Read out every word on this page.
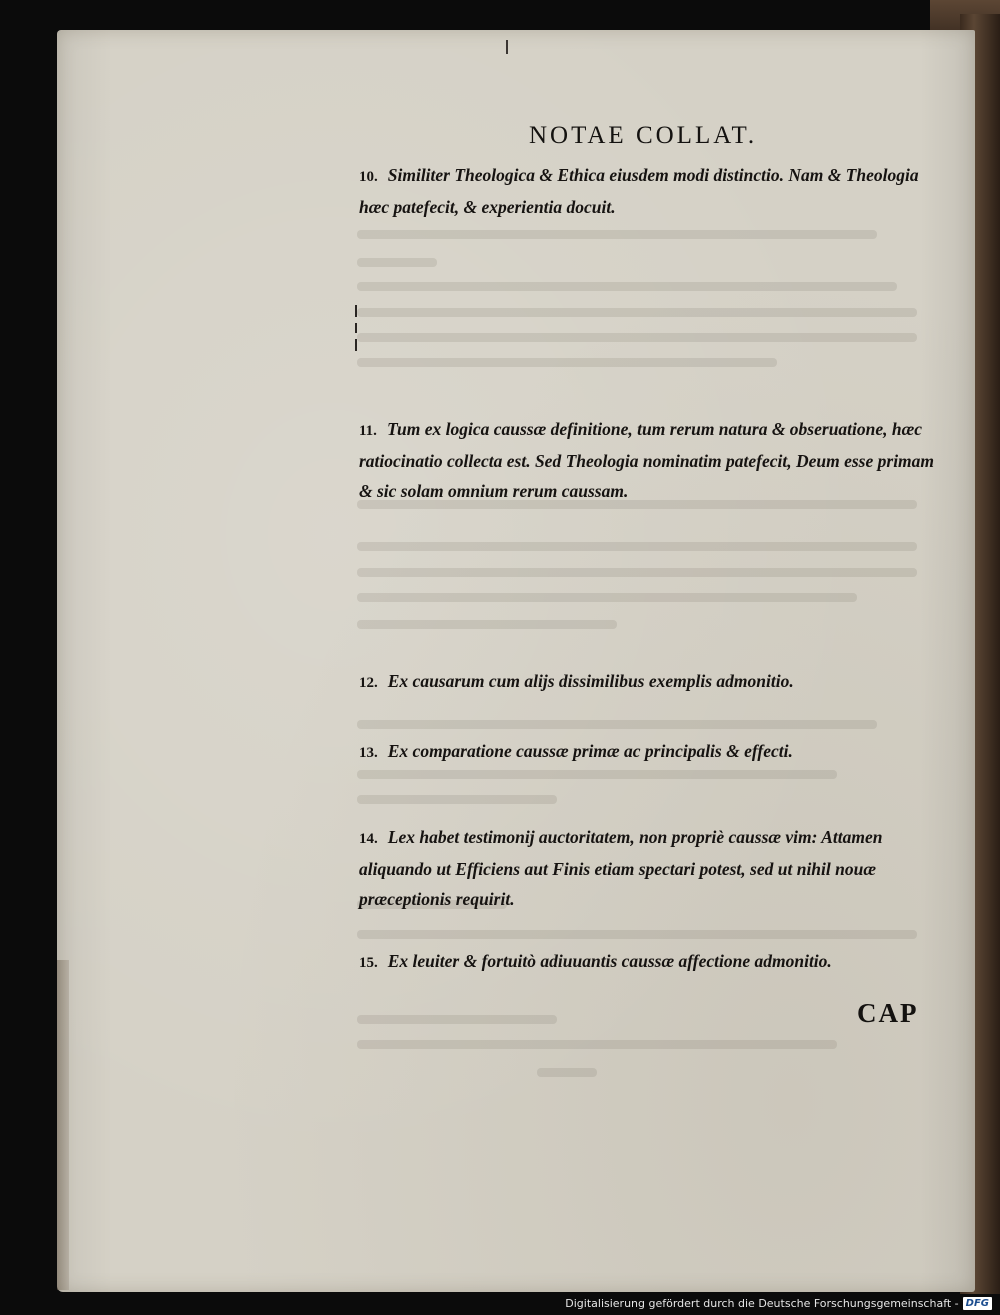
NOTAE COLLAT.
10. Similiter Theologica & Ethica eiusdem modi distinctio. Nam & Theologia hæc patefecit, & experientia docuit.
11. Tum ex logica caussæ definitione, tum rerum natura & obseruatione, hæc ratiocinatio collecta est. Sed Theologia nominatim patefecit, Deum esse primam & sic solam omnium rerum caussam.
12. Ex causarum cum alijs dissimilibus exemplis admonitio.
13. Ex comparatione caussæ primæ ac principalis & effecti.
14. Lex habet testimonij auctoritatem, non propriè caussæ vim: Attamen aliquando ut Efficiens aut Finis etiam spectari potest, sed ut nihil nouæ præceptionis requirit.
15. Ex leuiter & fortuitò adiuuantis caussæ affectione admonitio.
CAP
Digitalisierung gefördert durch die Deutsche Forschungsgemeinschaft - DFG
